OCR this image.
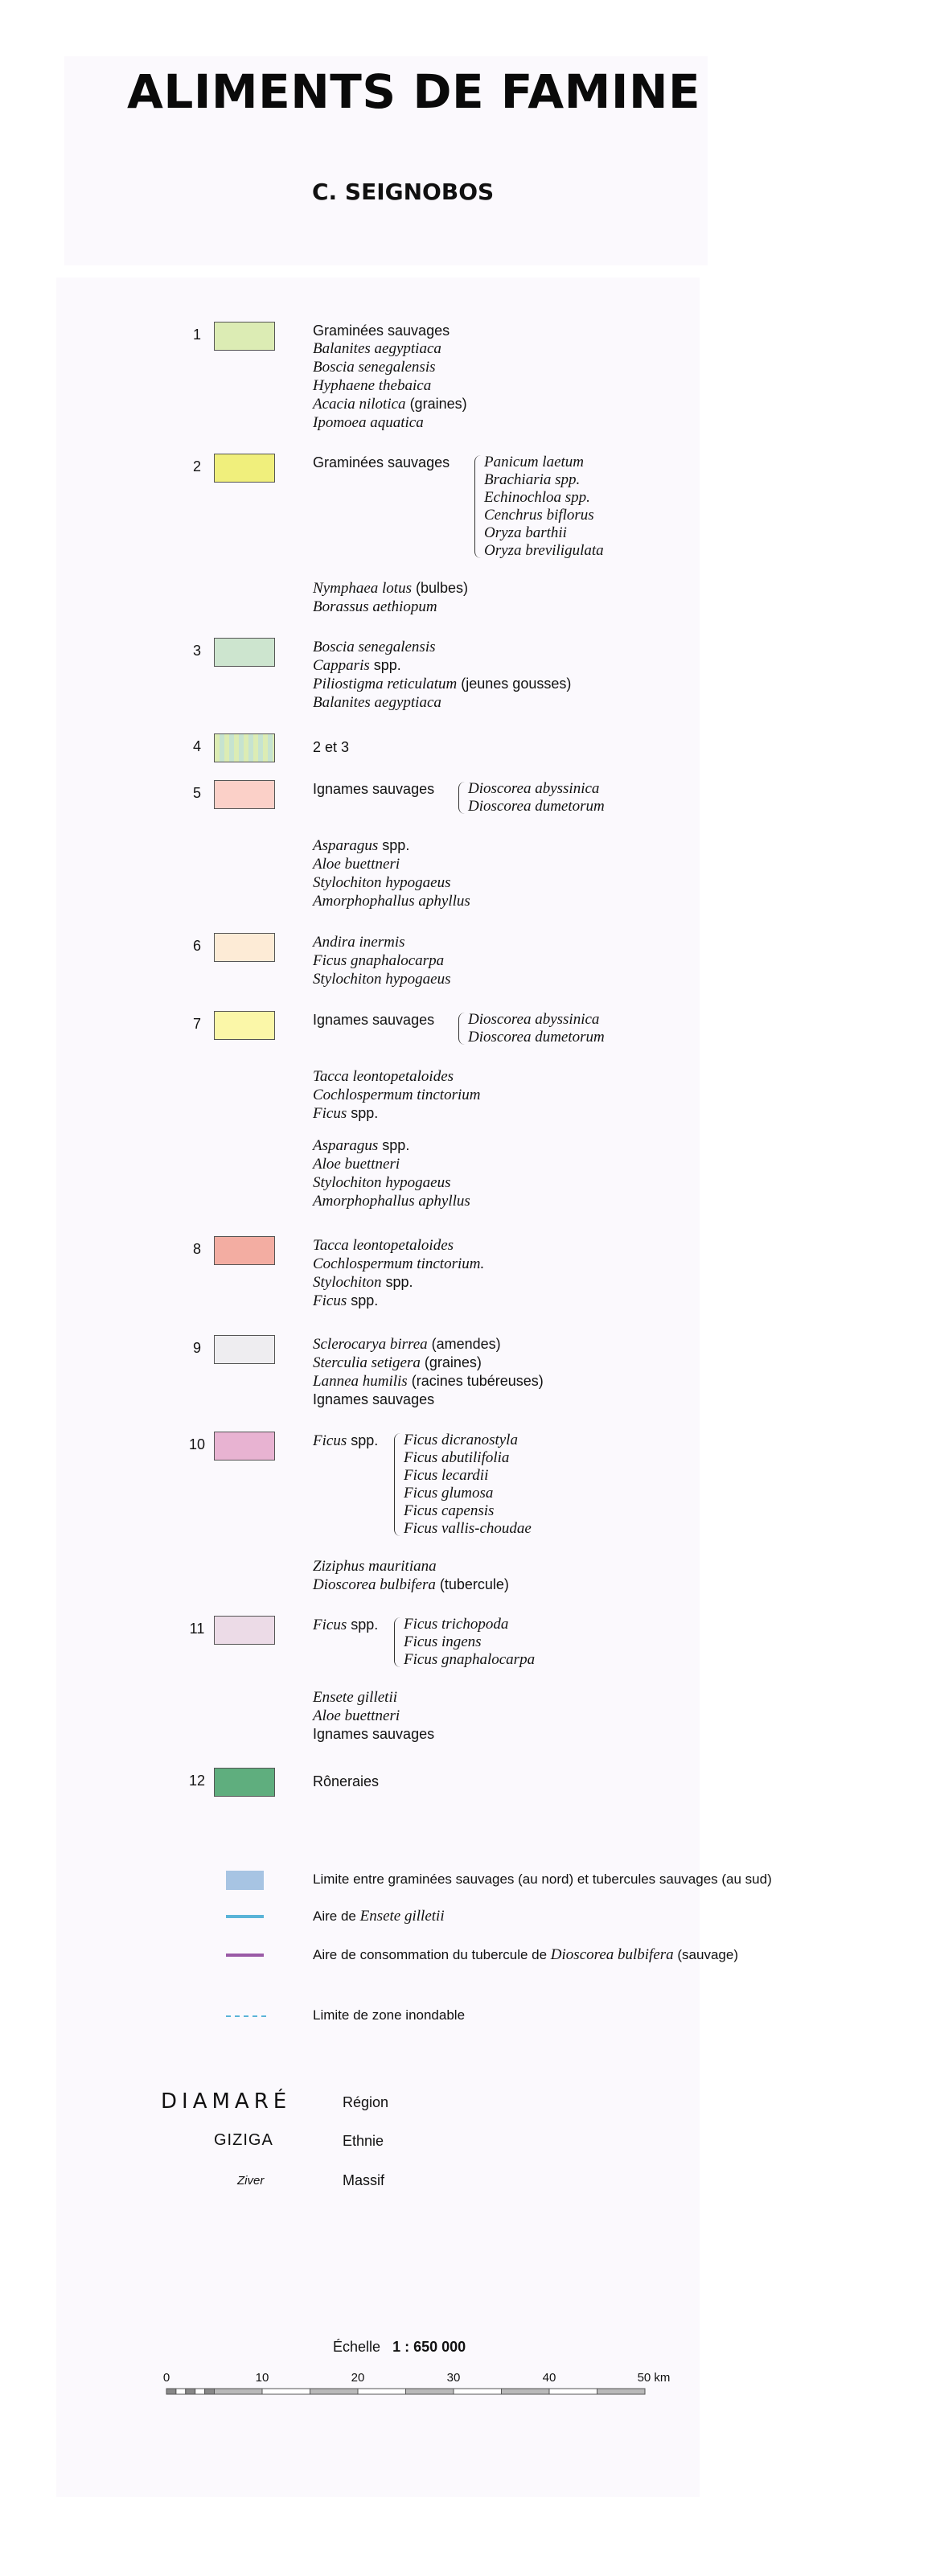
ALIMENTS DE FAMINE
C. SEIGNOBOS
1	Graminées sauvages
Balanites aegyptiaca
Boscia senegalensis
Hyphaene thebaica
Acacia nilotica (graines)
Ipomoea aquatica
2	Graminées sauvages Panicum laetum
Brachiaria spp.
Echinochloa spp.
Cenchrus biflorus
Oryza barthii
Oryza breviligulata
Nymphaea lotus (bulbes)
Borassus aethiopum
3	Boscia senegalensis
Capparis spp.
Piliostigma reticulatum (jeunes gousses)
Balanites aegyptiaca
4	2 et 3
5	Ignames sauvages Dioscorea abyssinica
Dioscorea dumetorum
Asparagus spp.
Aloe buettneri
Stylochiton hypogaeus
Amorphophallus aphyllus
6	Andira inermis
Ficus gnaphalocarpa
Stylochiton hypogaeus
7	Ignames sauvages Dioscorea abyssinica
Dioscorea dumetorum
Tacca leontopetaloides
Cochlospermum tinctorium
Ficus spp.
Asparagus spp.
Aloe buettneri
Stylochiton hypogaeus
Amorphophallus aphyllus
8	Tacca leontopetaloides
Cochlospermum tinctorium.
Stylochiton spp.
Ficus spp.
9	Sclerocarya birrea (amendes)
Sterculia setigera (graines)
Lannea humilis (racines tubéreuses)
Ignames sauvages
10	Ficus spp. Ficus dicranostyla
Ficus abutilifolia
Ficus lecardii
Ficus glumosa
Ficus capensis
Ficus vallis-choudae
Ziziphus mauritiana
Dioscorea bulbifera (tubercule)
11	Ficus spp. Ficus trichopoda
Ficus ingens
Ficus gnaphalocarpa
Ensete gilletii
Aloe buettneri
Ignames sauvages
12	Rôneraies
Limite entre graminées sauvages (au nord) et tubercules sauvages (au sud)
Aire de Ensete gilletii
Aire de consommation du tubercule de Dioscorea bulbifera (sauvage)
Limite de zone inondable
DIAMARÉ	Région
GIZIGA	Ethnie
Ziver	Massif
Échelle 1 : 650 000
0	10	20	30	40	50 km
